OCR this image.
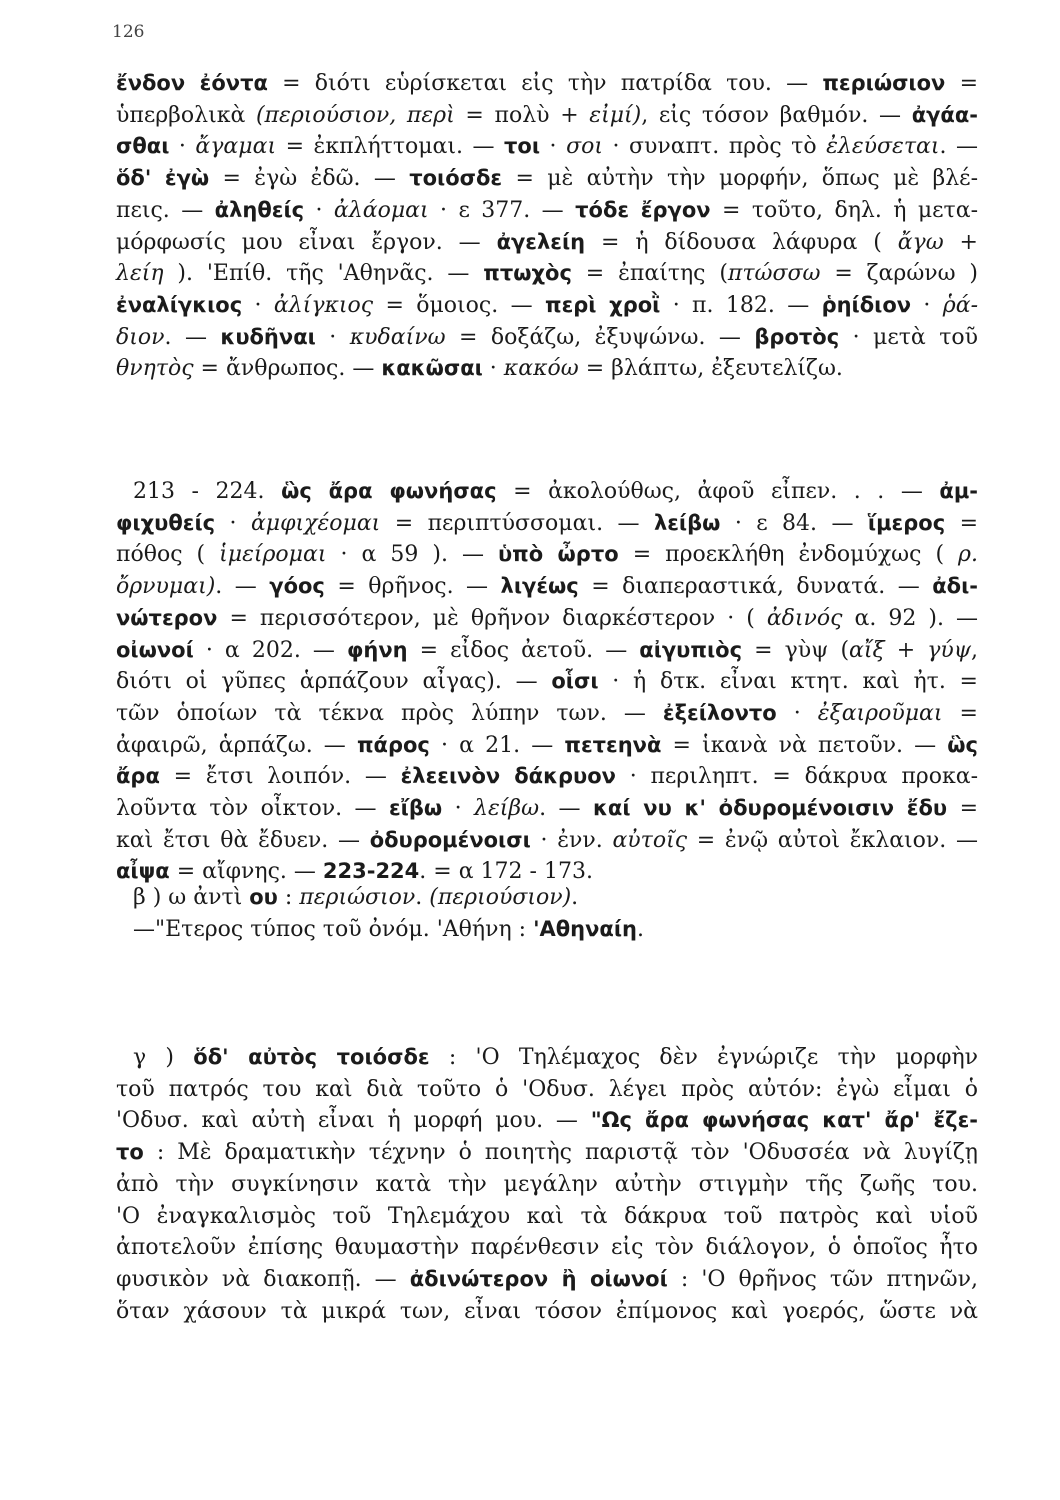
126
ἔνδον ἐόντα = διότι εὑρίσκεται εἰς τὴν πατρίδα του. — περιώσιον =
ὑπερβολικὰ (περιούσιον, περὶ = πολὺ + εἰμί), εἰς τόσον βαθμόν. — ἀγάα-
σθαι · ἄγαμαι = ἐκπλήττομαι. — τοι · σοι · συναπτ. πρὸς τὸ ἐλεύσεται. —
ὅδ' ἐγὼ = ἐγὼ ἐδῶ. — τοιόσδε = μὲ αὐτὴν τὴν μορφήν, ὅπως μὲ βλέ-
πεις. — ἀληθείς · ἀλάομαι · ε 377. — τόδε ἔργον = τοῦτο, δηλ. ἡ μετα-
μόρφωσίς μου εἶναι ἔργον. — ἀγελείη = ἡ δίδουσα λάφυρα ( ἄγω +
λείη ). 'Επίθ. τῆς 'Αθηνᾶς. — πτωχὸς = ἐπαίτης (πτώσσω = ζαρώνω )
ἐναλίγκιος · ἀλίγκιος = ὅμοιος. — περὶ χροῒ · π. 182. — ῥηίδιον · ῥά-
διον. — κυδῆναι · κυδαίνω = δοξάζω, ἐξυψώνω. — βροτὸς · μετὰ τοῦ
θνητὸς = ἄνθρωπος. — κακῶσαι · κακόω = βλάπτω, ἐξευτελίζω.
213 - 224. ὣς ἄρα φωνήσας = ἀκολούθως, ἀφοῦ εἶπεν. . . — ἀμ-
φιχυθείς · ἀμφιχέομαι = περιπτύσσομαι. — λείβω · ε 84. — ἵμερος =
πόθος ( ἱμείρομαι · α 59 ). — ὑπὸ ὦρτο = προεκλήθη ἐνδομύχως ( ρ.
ὄρνυμαι). — γόος = θρῆνος. — λιγέως = διαπεραστικά, δυνατά. — ἀδι-
νώτερον = περισσότερον, μὲ θρῆνον διαρκέστερον · ( ἀδινός α. 92 ). —
οἰωνοί · α 202. — φήνη = εἶδος ἀετοῦ. — αἰγυπιὸς = γὺψ (αἴξ + γύψ,
διότι οἱ γῦπες ἁρπάζουν αἶγας). — οἷσι · ἡ δτκ. εἶναι κτητ. καὶ ἠτ. =
τῶν ὁποίων τὰ τέκνα πρὸς λύπην των. — ἐξείλοντο · ἐξαιροῦμαι =
ἀφαιρῶ, ἁρπάζω. — πάρος · α 21. — πετεηνὰ = ἱκανὰ νὰ πετοῦν. — ὣς
ἄρα = ἔτσι λοιπόν. — ἐλεεινὸν δάκρυον · περιληπτ. = δάκρυα προκα-
λοῦντα τὸν οἶκτον. — εἴβω · λείβω. — καί νυ κ' ὀδυρομένοισιν ἔδυ =
καὶ ἔτσι θὰ ἔδυεν. — ὀδυρομένοισι · ἐνν. αὐτοῖς = ἐνῷ αὐτοὶ ἔκλαιον. —
αἶψα = αἴφνης. — 223-224. = α 172 - 173.
β ) ω ἀντὶ ου : περιώσιον. (περιούσιον).
—"Ετερος τύπος τοῦ ὀνόμ. 'Αθήνη : 'Αθηναίη.
γ ) ὅδ' αὐτὸς τοιόσδε : 'Ο Τηλέμαχος δὲν ἐγνώριζε τὴν μορφὴν
τοῦ πατρός του καὶ διὰ τοῦτο ὁ 'Οδυσ. λέγει πρὸς αὐτόν: ἐγὼ εἶμαι ὁ
'Οδυσ. καὶ αὐτὴ εἶναι ἡ μορφή μου. — "Ως ἄρα φωνήσας κατ' ἄρ' ἔζε-
το : Μὲ δραματικὴν τέχνην ὁ ποιητὴς παριστᾷ τὸν 'Οδυσσέα νὰ λυγίζῃ
ἀπὸ τὴν συγκίνησιν κατὰ τὴν μεγάλην αὐτὴν στιγμὴν τῆς ζωῆς του.
'Ο ἐναγκαλισμὸς τοῦ Τηλεμάχου καὶ τὰ δάκρυα τοῦ πατρὸς καὶ υἱοῦ
ἀποτελοῦν ἐπίσης θαυμαστὴν παρένθεσιν εἰς τὸν διάλογον, ὁ ὁποῖος ἦτο
φυσικὸν νὰ διακοπῇ. — ἀδινώτερον ἢ οἰωνοί : 'Ο θρῆνος τῶν πτηνῶν,
ὅταν χάσουν τὰ μικρά των, εἶναι τόσον ἐπίμονος καὶ γοερός, ὥστε νὰ
